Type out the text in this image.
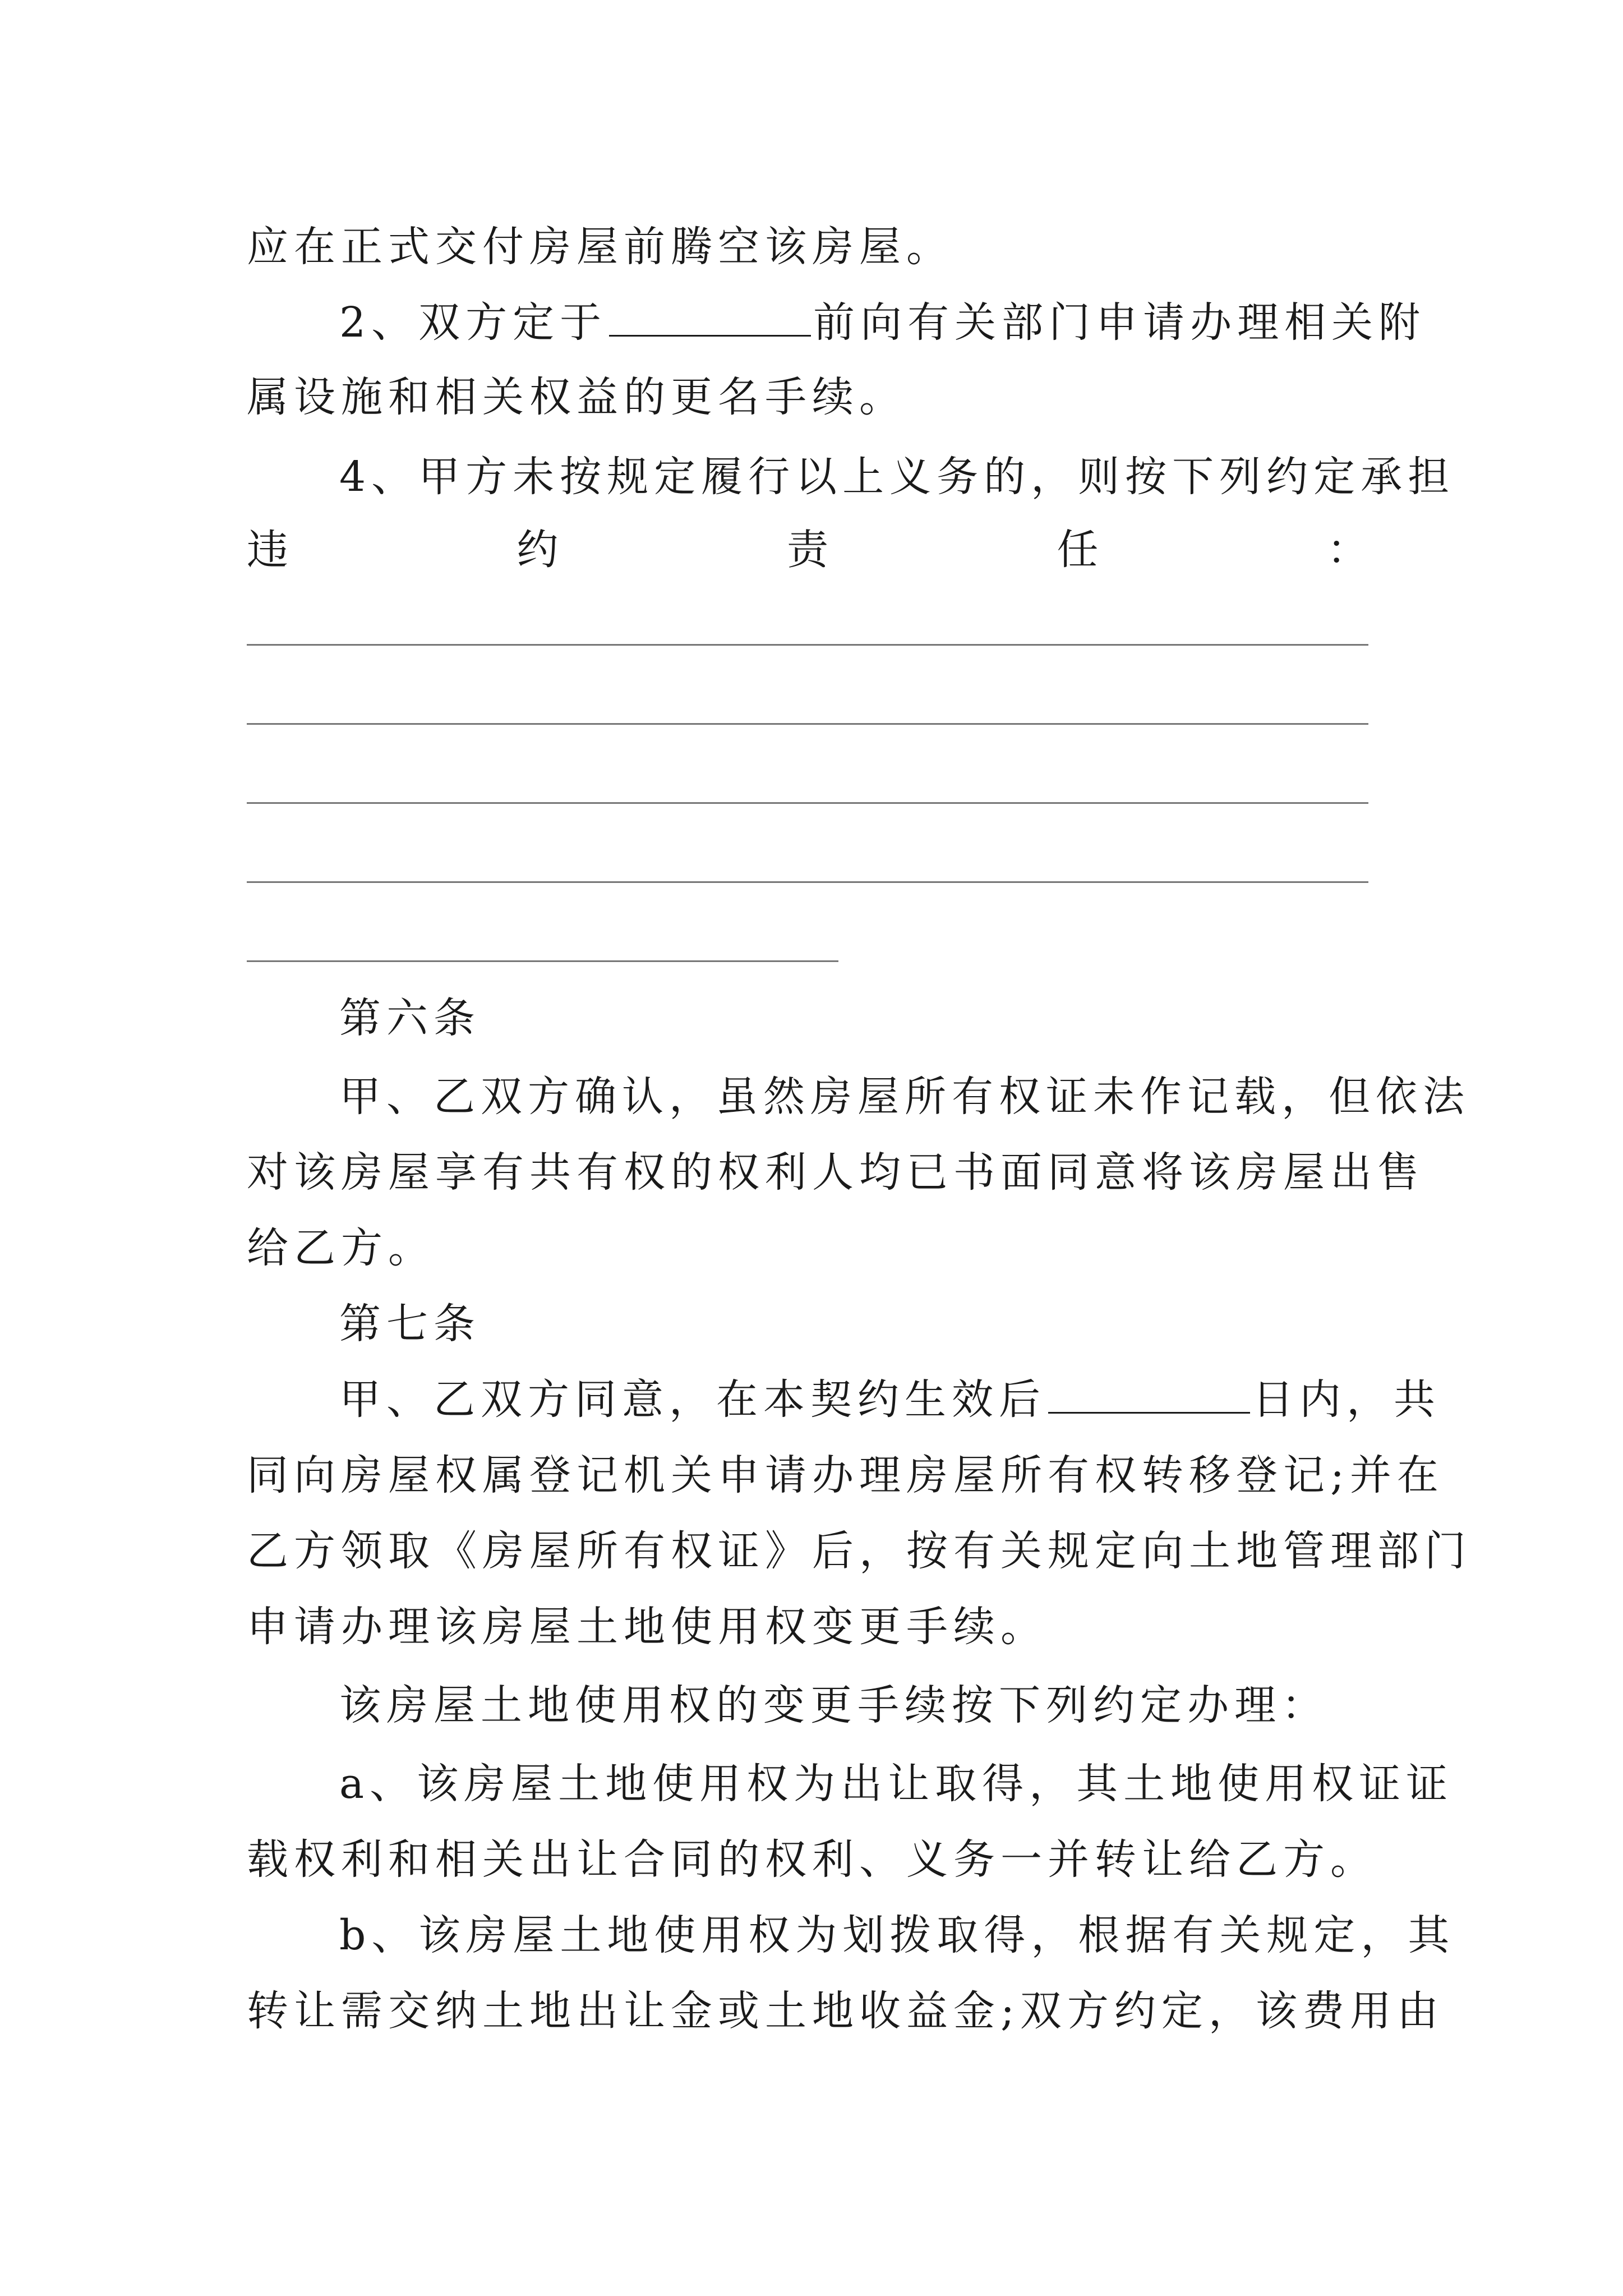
应在正式交付房屋前腾空该房屋。
2、双方定于	前向有关部门申请办理相关附
属设施和相关权益的更名手续。
4、甲方未按规定履行以上义务的，则按下列约定承担
违	约	责	任	：
第六条
甲、乙双方确认，虽然房屋所有权证未作记载，但依法
对该房屋享有共有权的权利人均已书面同意将该房屋出售
给乙方。
第七条
甲、乙双方同意，在本契约生效后	日内，共
同向房屋权属登记机关申请办理房屋所有权转移登记;并在
乙方领取《房屋所有权证》后，按有关规定向土地管理部门
申请办理该房屋土地使用权变更手续。
该房屋土地使用权的变更手续按下列约定办理：
a、该房屋土地使用权为出让取得，其土地使用权证证
载权利和相关出让合同的权利、义务一并转让给乙方。
b、该房屋土地使用权为划拨取得，根据有关规定，其
转让需交纳土地出让金或土地收益金;双方约定，该费用由
